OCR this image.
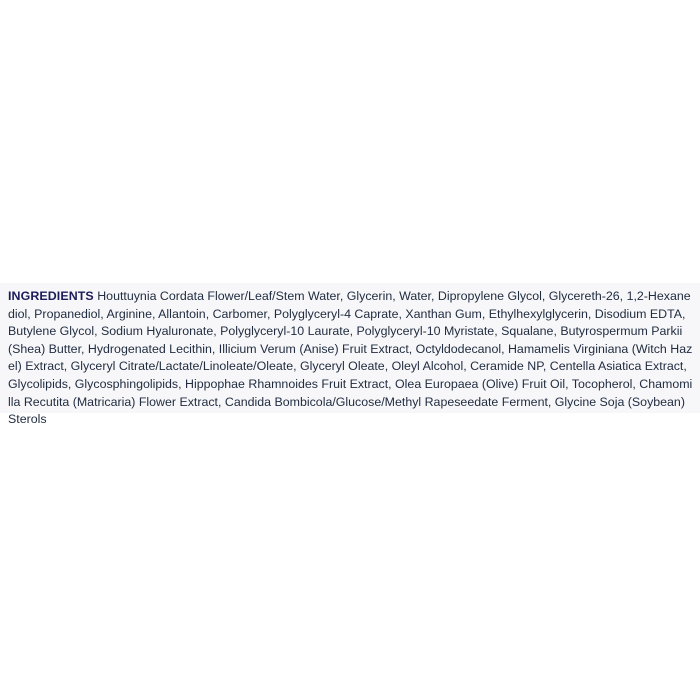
INGREDIENTS Houttuynia Cordata Flower/Leaf/Stem Water, Glycerin, Water, Dipropylene Glycol, Glycereth-26, 1,2-Hexanediol, Propanediol, Arginine, Allantoin, Carbomer, Polyglyceryl-4 Caprate, Xanthan Gum, Ethylhexylglycerin, Disodium EDTA, Butylene Glycol, Sodium Hyaluronate, Polyglyceryl-10 Laurate, Polyglyceryl-10 Myristate, Squalane, Butyrospermum Parkii (Shea) Butter, Hydrogenated Lecithin, Illicium Verum (Anise) Fruit Extract, Octyldodecanol, Hamamelis Virginiana (Witch Hazel) Extract, Glyceryl Citrate/Lactate/Linoleate/Oleate, Glyceryl Oleate, Oleyl Alcohol, Ceramide NP, Centella Asiatica Extract, Glycolipids, Glycosphingolipids, Hippophae Rhamnoides Fruit Extract, Olea Europaea (Olive) Fruit Oil, Tocopherol, Chamomilla Recutita (Matricaria) Flower Extract, Candida Bombicola/Glucose/Methyl Rapeseedate Ferment, Glycine Soja (Soybean) Sterols
